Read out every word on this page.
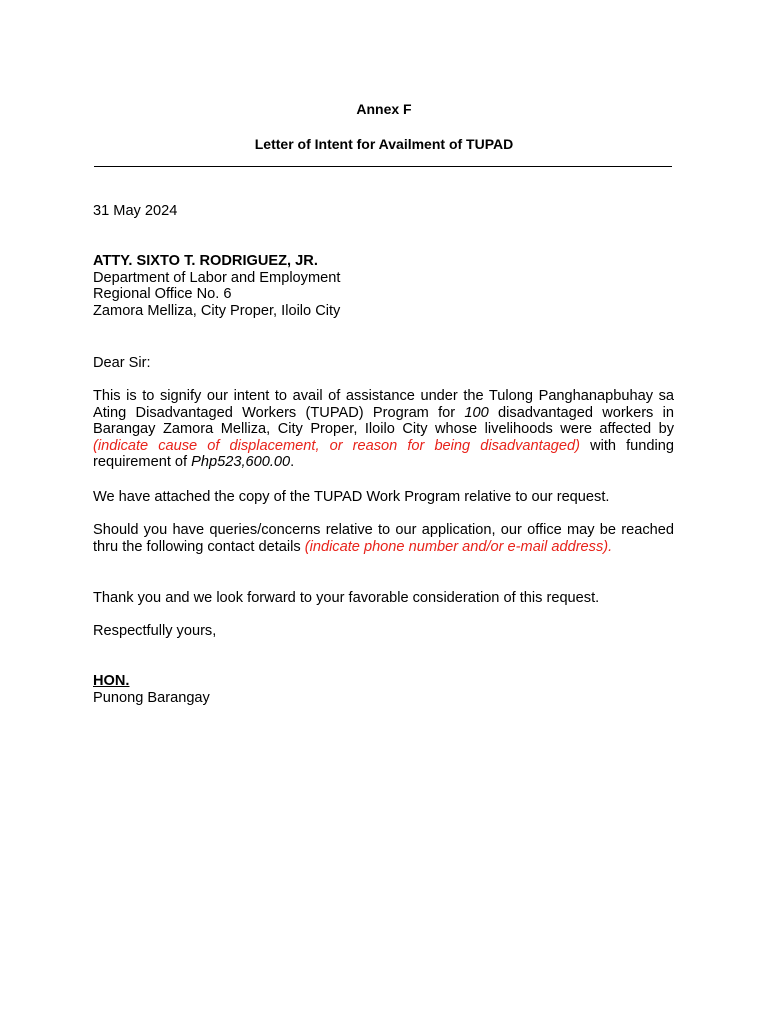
Annex F
Letter of Intent for Availment of TUPAD
31 May 2024
ATTY. SIXTO T. RODRIGUEZ, JR.
Department of Labor and Employment
Regional Office No. 6
Zamora Melliza, City Proper, Iloilo City
Dear Sir:
This is to signify our intent to avail of assistance under the Tulong Panghanapbuhay sa Ating Disadvantaged Workers (TUPAD) Program for 100 disadvantaged workers in Barangay Zamora Melliza, City Proper, Iloilo City whose livelihoods were affected by (indicate cause of displacement, or reason for being disadvantaged) with funding requirement of Php523,600.00.
We have attached the copy of the TUPAD Work Program relative to our request.
Should you have queries/concerns relative to our application, our office may be reached thru the following contact details (indicate phone number and/or e-mail address).
Thank you and we look forward to your favorable consideration of this request.
Respectfully yours,
HON.
Punong Barangay
